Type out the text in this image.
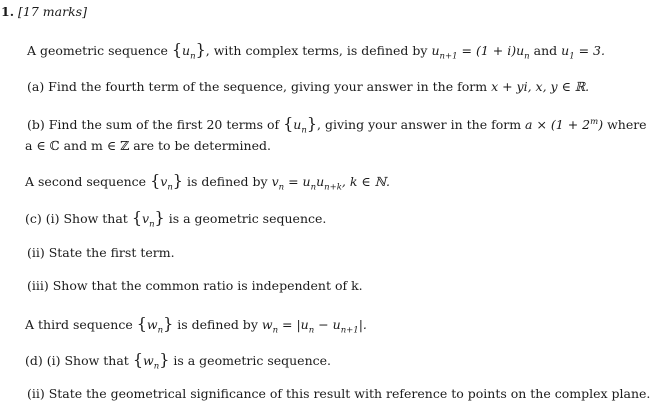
1. [17 marks]
A geometric sequence $\{u_n\}$, with complex terms, is defined by $u_{n+1} = (1 + i)u_n$ and $u_1 = 3$.
(a) Find the fourth term of the sequence, giving your answer in the form x + yi, x, y ∈ ℝ.
(b) Find the sum of the first 20 terms of $\{u_n\}$, giving your answer in the form $a \times (1 + 2^m)$ where
a ∈ ℂ and m ∈ ℤ are to be determined.
A second sequence $\{v_n\}$ is defined by $v_n = u_nu_{n+k}$, k ∈ ℕ.
(c) (i) Show that $\{v_n\}$ is a geometric sequence.
(ii) State the first term.
(iii) Show that the common ratio is independent of k.
A third sequence $\{w_n\}$ is defined by $w_n = |u_n - u_{n+1}|$.
(d) (i) Show that $\{w_n\}$ is a geometric sequence.
(ii) State the geometrical significance of this result with reference to points on the complex plane.
